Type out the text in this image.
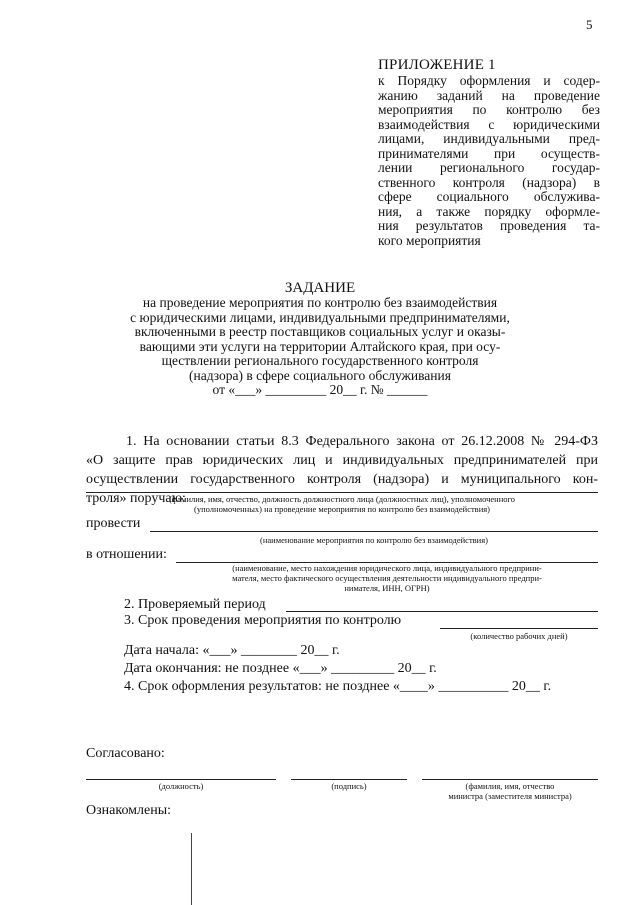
5
ПРИЛОЖЕНИЕ 1
к Порядку оформления и содер-
жанию заданий на проведение
мероприятия по контролю без
взаимодействия с юридическими
лицами, индивидуальными пред-
принимателями при осуществ-
лении регионального государ-
ственного контроля (надзора) в
сфере социального обслужива-
ния, а также порядку оформле-
ния результатов проведения та-
кого мероприятия
ЗАДАНИЕ
на проведение мероприятия по контролю без взаимодействия
с юридическими лицами, индивидуальными предпринимателями,
включенными в реестр поставщиков социальных услуг и оказы-
вающими эти услуги на территории Алтайского края, при осу-
ществлении регионального государственного контроля
(надзора) в сфере социального обслуживания
от «___» _________ 20__ г. № ______
1. На основании статьи 8.3 Федерального закона от 26.12.2008 № 294-ФЗ
«О защите прав юридических лиц и индивидуальных предпринимателей при
осуществлении государственного контроля (надзора) и муниципального кон-
троля» поручаю:
(фамилия, имя, отчество, должность должностного лица (должностных лиц), уполномоченного
(уполномоченных) на проведение мероприятия по контролю без взаимодействия)
провести
(наименование мероприятия по контролю без взаимодействия)
в отношении:
(наименование, место нахождения юридического лица, индивидуального предприни-
мателя, место фактического осуществления деятельности индивидуального предпри-
нимателя, ИНН, ОГРН)
2. Проверяемый период
3. Срок проведения мероприятия по контролю
(количество рабочих дней)
Дата начала: «___» ________ 20__ г.
Дата окончания: не позднее «___» _________ 20__ г.
4. Срок оформления результатов: не позднее «____» __________ 20__ г.
Согласовано:
(должность)	(подпись)	(фамилия, имя, отчество
министра (заместителя министра)
Ознакомлены:
